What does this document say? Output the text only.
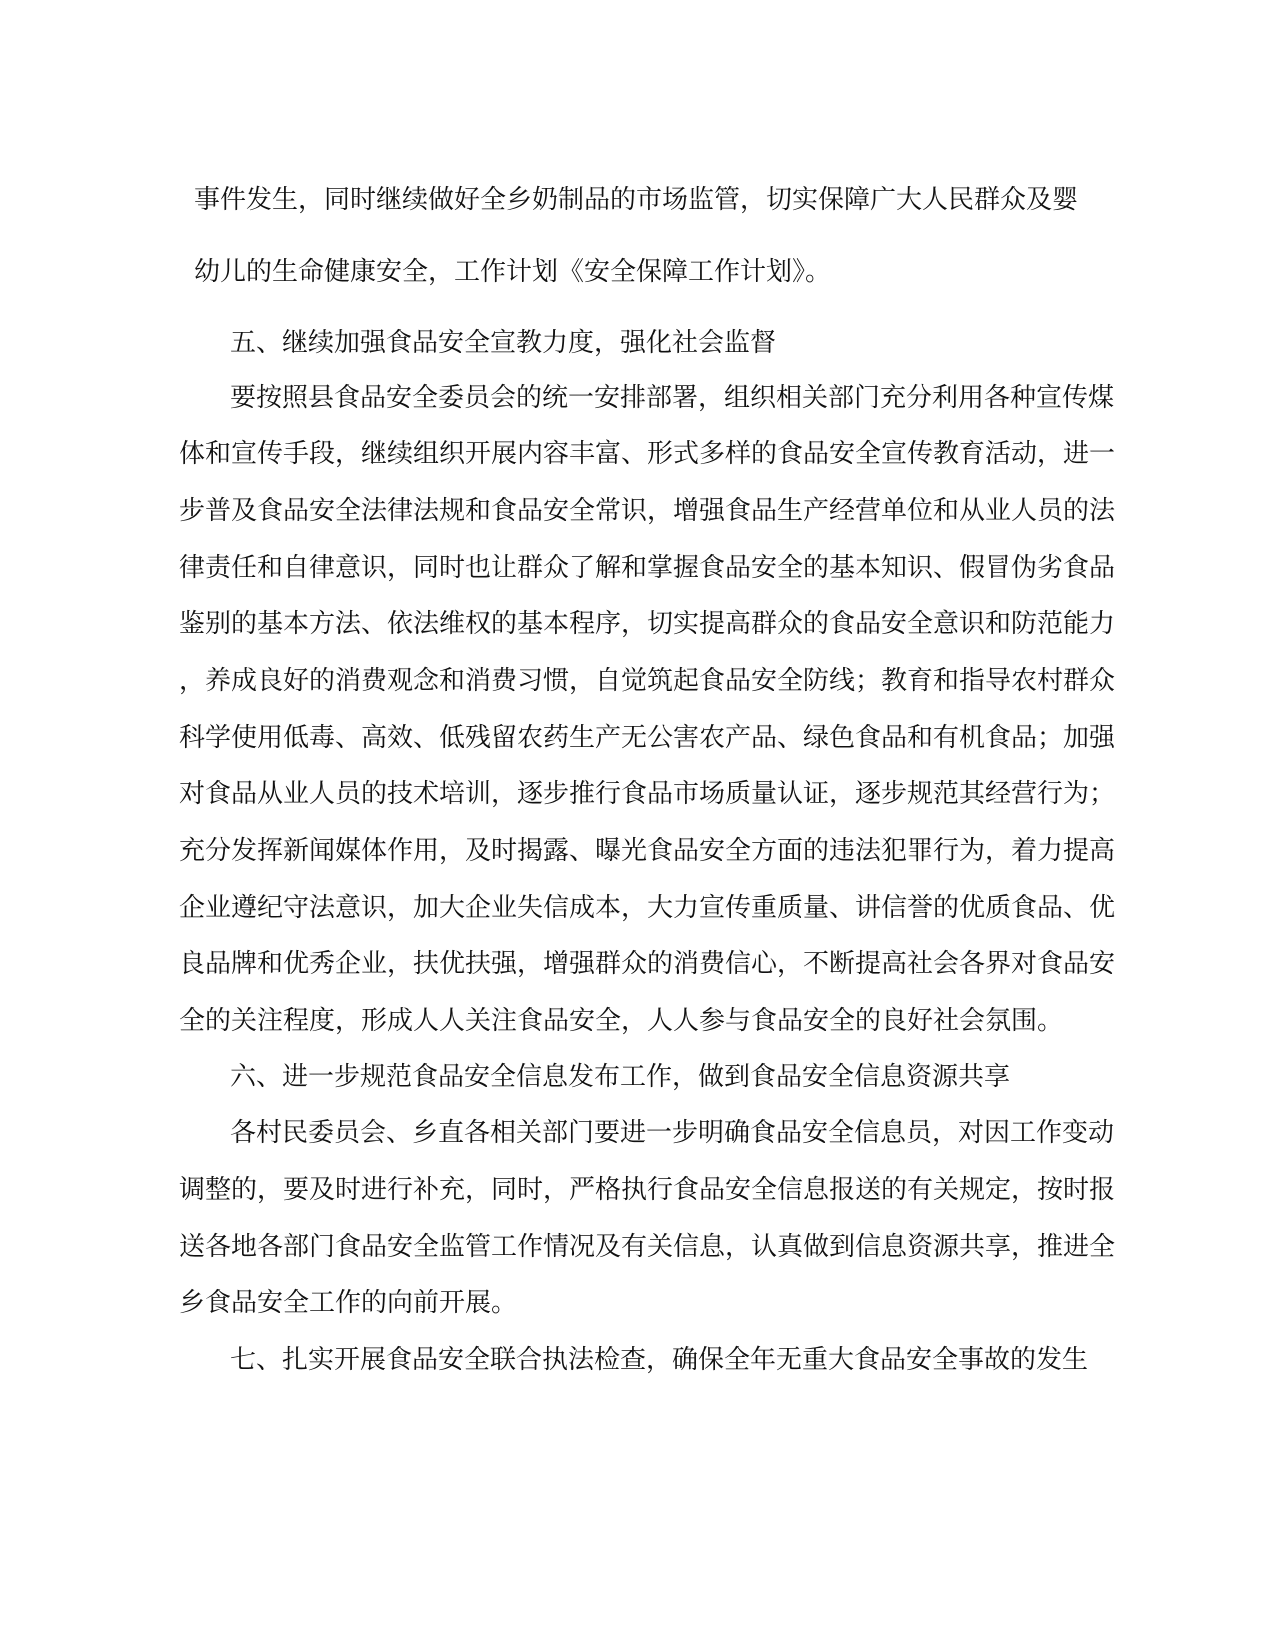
事件发生，同时继续做好全乡奶制品的市场监管，切实保障广大人民群众及婴
幼儿的生命健康安全，工作计划《安全保障工作计划》。
五、继续加强食品安全宣教力度，强化社会监督
要按照县食品安全委员会的统一安排部署，组织相关部门充分利用各种宣传煤
体和宣传手段，继续组织开展内容丰富、形式多样的食品安全宣传教育活动，进一
步普及食品安全法律法规和食品安全常识，增强食品生产经营单位和从业人员的法
律责任和自律意识，同时也让群众了解和掌握食品安全的基本知识、假冒伪劣食品
鉴别的基本方法、依法维权的基本程序，切实提高群众的食品安全意识和防范能力
，养成良好的消费观念和消费习惯，自觉筑起食品安全防线；教育和指导农村群众
科学使用低毒、高效、低残留农药生产无公害农产品、绿色食品和有机食品；加强
对食品从业人员的技术培训，逐步推行食品市场质量认证，逐步规范其经营行为；
充分发挥新闻媒体作用，及时揭露、曝光食品安全方面的违法犯罪行为，着力提高
企业遵纪守法意识，加大企业失信成本，大力宣传重质量、讲信誉的优质食品、优
良品牌和优秀企业，扶优扶强，增强群众的消费信心，不断提高社会各界对食品安
全的关注程度，形成人人关注食品安全，人人参与食品安全的良好社会氛围。
六、进一步规范食品安全信息发布工作，做到食品安全信息资源共享
各村民委员会、乡直各相关部门要进一步明确食品安全信息员，对因工作变动
调整的，要及时进行补充，同时，严格执行食品安全信息报送的有关规定，按时报
送各地各部门食品安全监管工作情况及有关信息，认真做到信息资源共享，推进全
乡食品安全工作的向前开展。
七、扎实开展食品安全联合执法检查，确保全年无重大食品安全事故的发生
